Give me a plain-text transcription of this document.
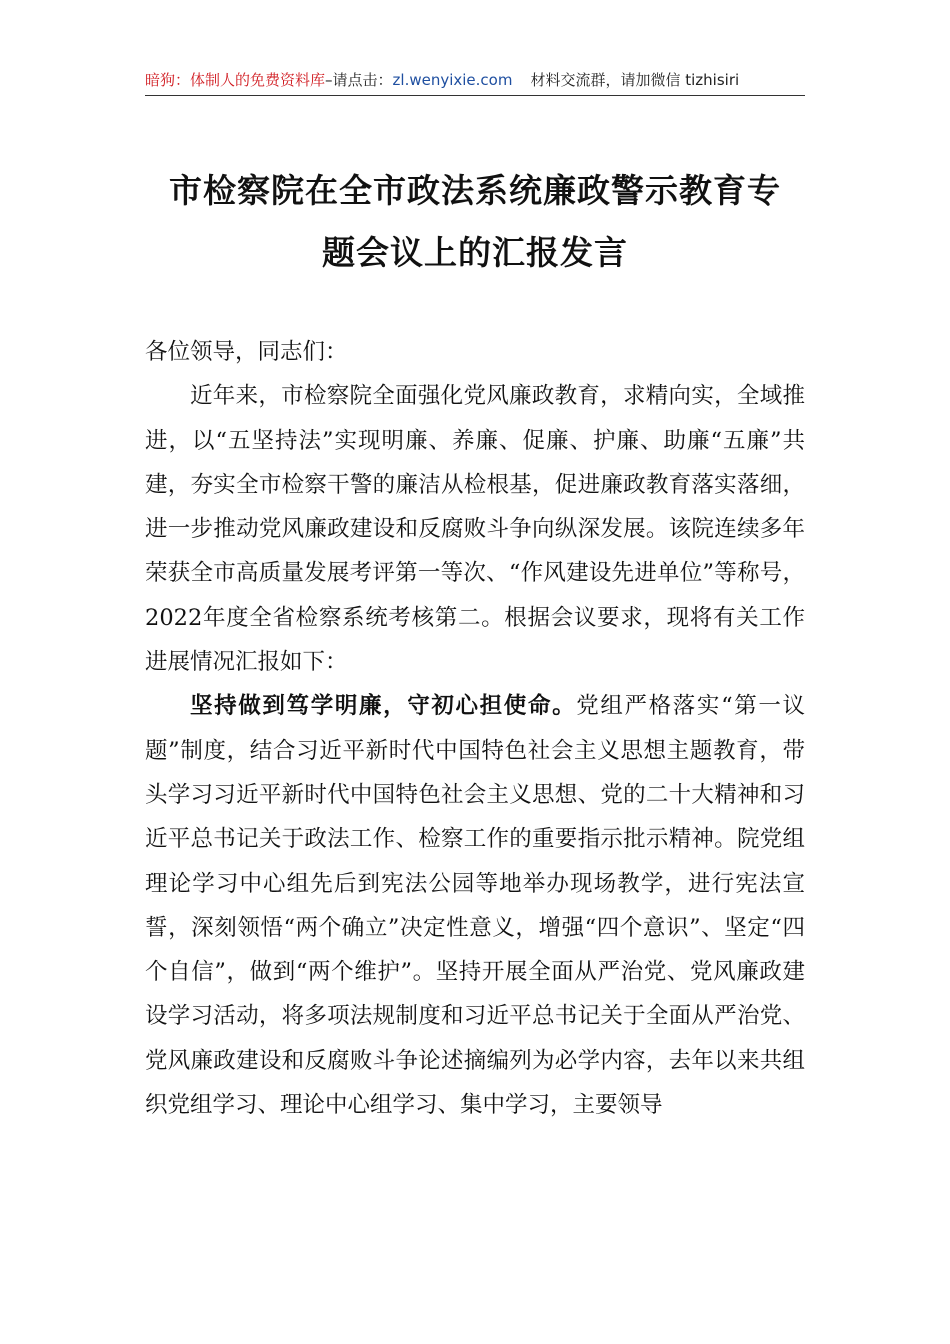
暗狗：体制人的免费资料库–请点击：zl.wenyixie.com 材料交流群，请加微信 tizhisiri
市检察院在全市政法系统廉政警示教育专
题会议上的汇报发言

各位领导，同志们：

近年来，市检察院全面强化党风廉政教育，求精向实，全域推进，以“五坚持法”实现明廉、养廉、促廉、护廉、助廉“五廉”共建，夯实全市检察干警的廉洁从检根基，促进廉政教育落实落细，进一步推动党风廉政建设和反腐败斗争向纵深发展。该院连续多年荣获全市高质量发展考评第一等次、“作风建设先进单位”等称号，2022年度全省检察系统考核第二。根据会议要求，现将有关工作进展情况汇报如下：

坚持做到笃学明廉，守初心担使命。党组严格落实“第一议题”制度，结合习近平新时代中国特色社会主义思想主题教育，带头学习习近平新时代中国特色社会主义思想、党的二十大精神和习近平总书记关于政法工作、检察工作的重要指示批示精神。院党组理论学习中心组先后到宪法公园等地举办现场教学，进行宪法宣誓，深刻领悟“两个确立”决定性意义，增强“四个意识”、坚定“四个自信”，做到“两个维护”。坚持开展全面从严治党、党风廉政建设学习活动，将多项法规制度和习近平总书记关于全面从严治党、党风廉政建设和反腐败斗争论述摘编列为必学内容，去年以来共组织党组学习、理论中心组学习、集中学习，主要领导
